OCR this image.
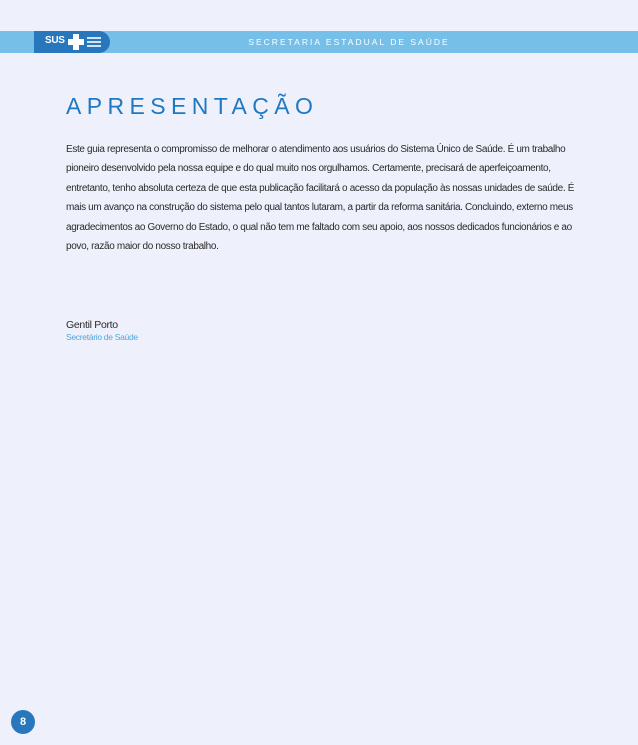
SUS	SECRETARIA ESTADUAL DE SAÚDE
APRESENTAÇÃO

Este guia representa o compromisso de melhorar o atendimento aos usuários do Sistema Único de Saúde. É um trabalho pioneiro desenvolvido pela nossa equipe e do qual muito nos orgulhamos. Certamente, precisará de aperfeiçoamento, entretanto, tenho absoluta certeza de que esta publicação facilitará o acesso da população às nossas unidades de saúde. É mais um avanço na construção do sistema pelo qual tantos lutaram, a partir da reforma sanitária. Concluindo, externo meus agradecimentos ao Governo do Estado, o qual não tem me faltado com seu apoio, aos nossos dedicados funcionários e ao povo, razão maior do nosso trabalho.

Gentil Porto
Secretário de Saúde
8
